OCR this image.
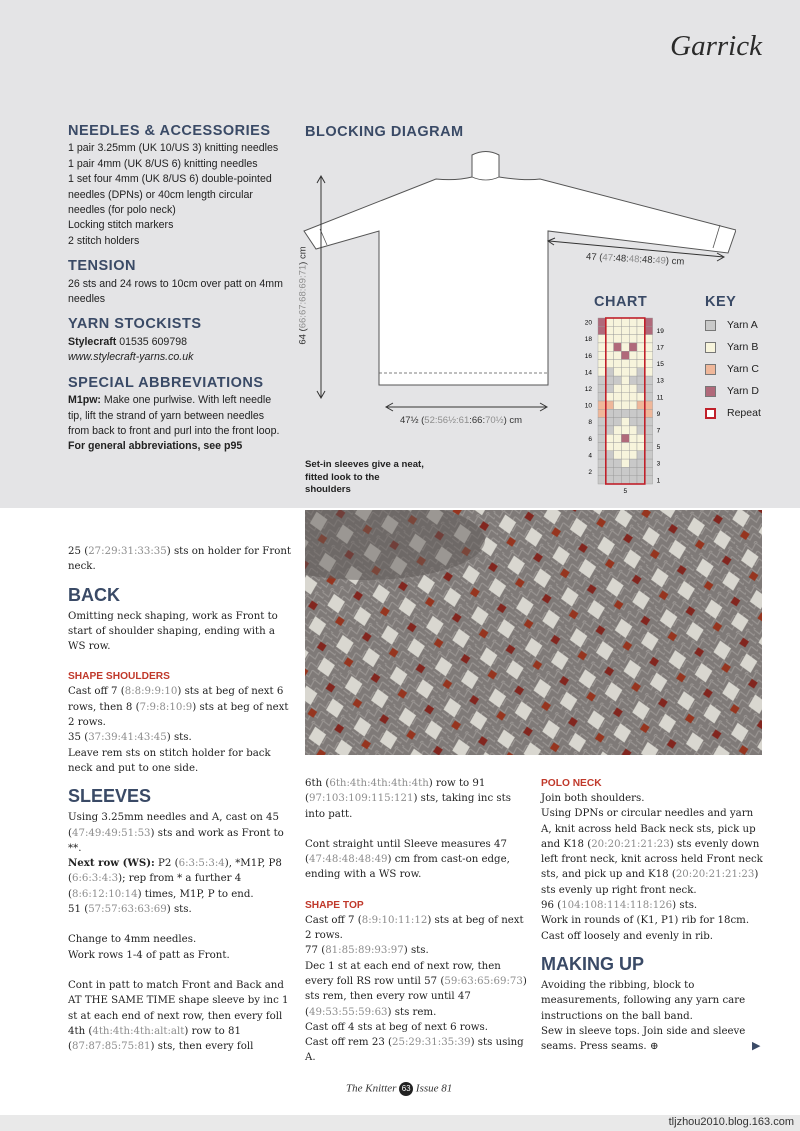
Garrick
NEEDLES & ACCESSORIES

1 pair 3.25mm (UK 10/US 3) knitting needles

1 pair 4mm (UK 8/US 6) knitting needles

1 set four 4mm (UK 8/US 6) double-pointed needles (DPNs) or 40cm length circular needles (for polo neck)

Locking stitch markers

2 stitch holders

TENSION

26 sts and 24 rows to 10cm over patt on 4mm needles

YARN STOCKISTS

Stylecraft 01535 609798

www.stylecraft-yarns.co.uk

SPECIAL ABBREVIATIONS

M1pw: Make one purlwise. With left needle tip, lift the strand of yarn between needles from back to front and purl into the front loop.

For general abbreviations, see p95

BLOCKING DIAGRAM
64 (66:67:68:69:71) cm	47 (47:48:48:48:49) cm
47½ (52:56½:61:66:70½) cm
Set-in sleeves give a neat, fitted look to the shoulders
CHART
20
18
16
14
12
10
8
6
4
2
19
17
15
13
11
9
7
5
3
1
5
KEY
Yarn A
Yarn B
Yarn C
Yarn D
Repeat

25 (27:29:31:33:35) sts on holder for Front neck.

BACK

Omitting neck shaping, work as Front to start of shoulder shaping, ending with a WS row.

SHAPE SHOULDERS

Cast off 7 (8:8:9:9:10) sts at beg of next 6 rows, then 8 (7:9:8:10:9) sts at beg of next 2 rows.

35 (37:39:41:43:45) sts.

Leave rem sts on stitch holder for back neck and put to one side.

SLEEVES

Using 3.25mm needles and A, cast on 45 (47:49:49:51:53) sts and work as Front to **.

Next row (WS): P2 (6:3:5:3:4), *M1P, P8 (6:6:3:4:3); rep from * a further 4 (8:6:12:10:14) times, M1P, P to end.

51 (57:57:63:63:69) sts.

Change to 4mm needles.

Work rows 1-4 of patt as Front.

Cont in patt to match Front and Back and AT THE SAME TIME shape sleeve by inc 1 st at each end of next row, then every foll 4th (4th:4th:4th:alt:alt) row to 81 (87:87:85:75:81) sts, then every foll

6th (6th:4th:4th:4th:4th) row to 91 (97:103:109:115:121) sts, taking inc sts into patt.

Cont straight until Sleeve measures 47 (47:48:48:48:49) cm from cast-on edge, ending with a WS row.

SHAPE TOP

Cast off 7 (8:9:10:11:12) sts at beg of next 2 rows.

77 (81:85:89:93:97) sts.

Dec 1 st at each end of next row, then every foll RS row until 57 (59:63:65:69:73) sts rem, then every row until 47 (49:53:55:59:63) sts rem.

Cast off 4 sts at beg of next 6 rows.

Cast off rem 23 (25:29:31:35:39) sts using A.

POLO NECK

Join both shoulders.

Using DPNs or circular needles and yarn A, knit across held Back neck sts, pick up and K18 (20:20:21:21:23) sts evenly down left front neck, knit across held Front neck sts, and pick up and K18 (20:20:21:21:23) sts evenly up right front neck.

96 (104:108:114:118:126) sts.

Work in rounds of (K1, P1) rib for 18cm.

Cast off loosely and evenly in rib.

MAKING UP

Avoiding the ribbing, block to measurements, following any yarn care instructions on the ball band.

Sew in sleeve tops. Join side and sleeve seams. Press seams. ⊕	▶
The Knitter 63 Issue 81
tljzhou2010.blog.163.com
